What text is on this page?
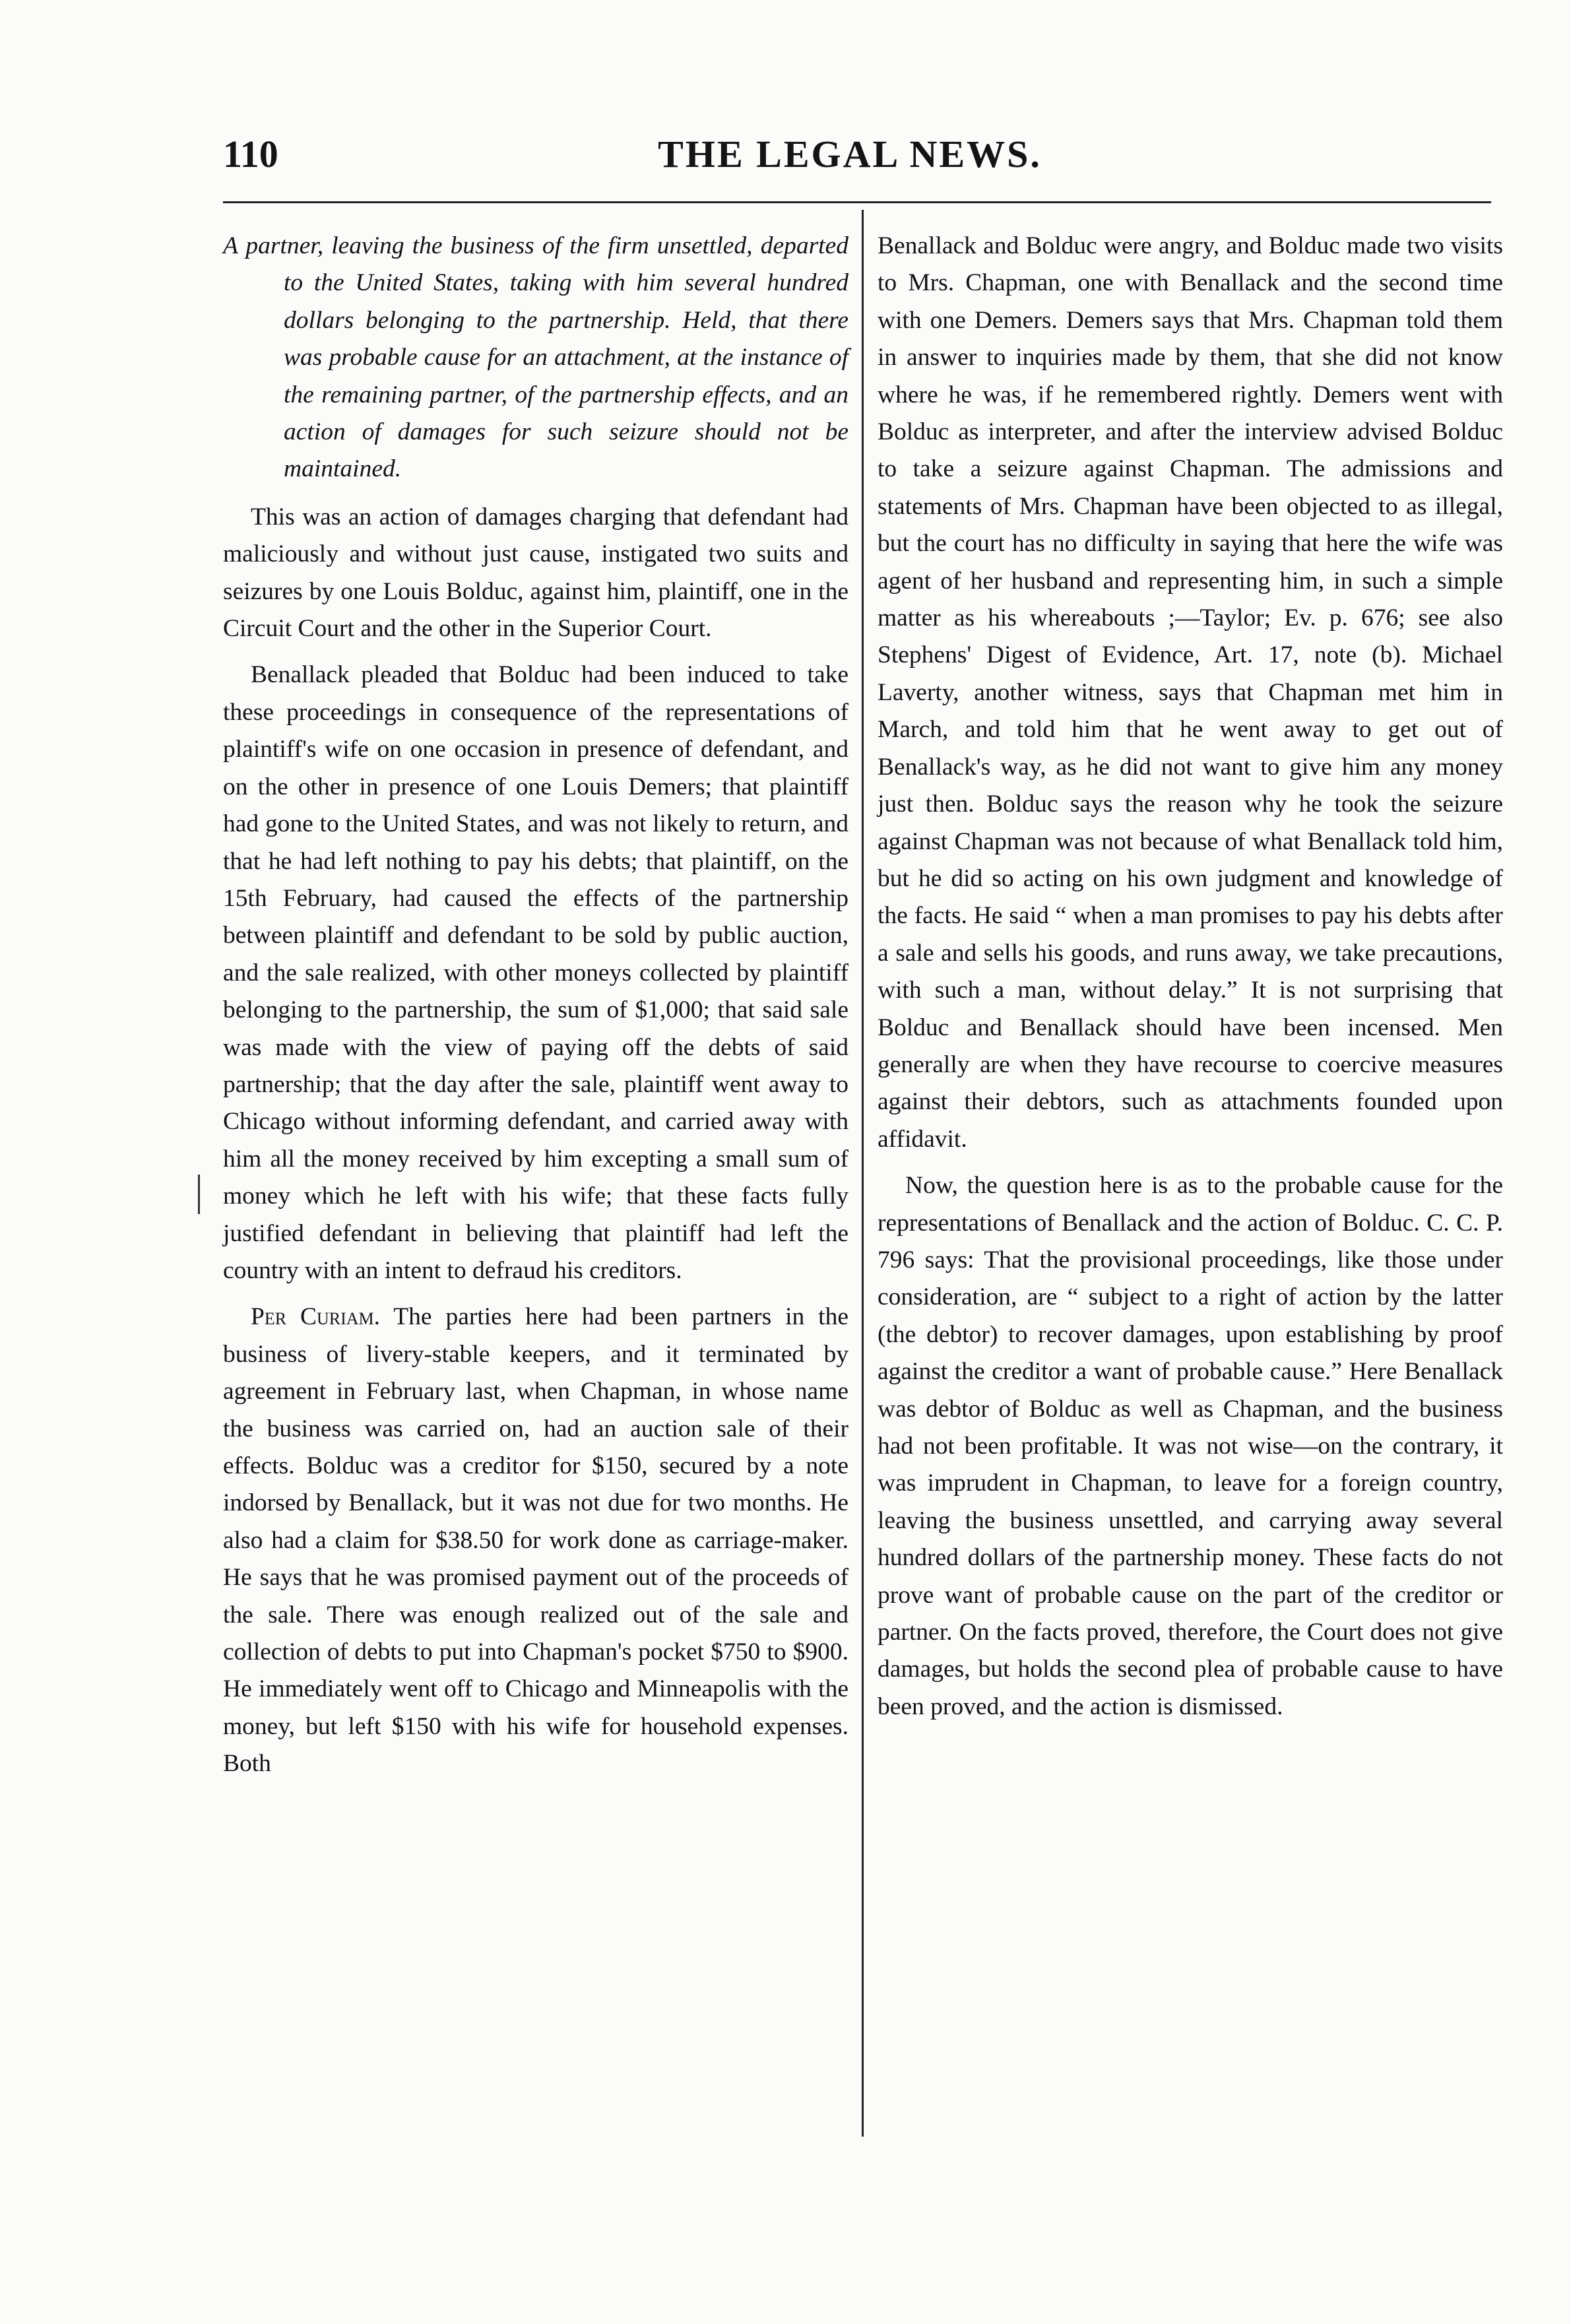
110	THE LEGAL NEWS.

A partner, leaving the business of the firm unsettled, departed to the United States, taking with him several hundred dollars belonging to the partnership. Held, that there was probable cause for an attachment, at the instance of the remaining partner, of the partnership effects, and an action of damages for such seizure should not be maintained.

This was an action of damages charging that defendant had maliciously and without just cause, instigated two suits and seizures by one Louis Bolduc, against him, plaintiff, one in the Circuit Court and the other in the Superior Court.

Benallack pleaded that Bolduc had been induced to take these proceedings in consequence of the representations of plaintiff's wife on one occasion in presence of defendant, and on the other in presence of one Louis Demers; that plaintiff had gone to the United States, and was not likely to return, and that he had left nothing to pay his debts; that plaintiff, on the 15th February, had caused the effects of the partnership between plaintiff and defendant to be sold by public auction, and the sale realized, with other moneys collected by plaintiff belonging to the partnership, the sum of $1,000; that said sale was made with the view of paying off the debts of said partnership; that the day after the sale, plaintiff went away to Chicago without informing defendant, and carried away with him all the money received by him excepting a small sum of money which he left with his wife; that these facts fully justified defendant in believing that plaintiff had left the country with an intent to defraud his creditors.

Per Curiam. The parties here had been partners in the business of livery-stable keepers, and it terminated by agreement in February last, when Chapman, in whose name the business was carried on, had an auction sale of their effects. Bolduc was a creditor for $150, secured by a note indorsed by Benallack, but it was not due for two months. He also had a claim for $38.50 for work done as carriage-maker. He says that he was promised payment out of the proceeds of the sale. There was enough realized out of the sale and collection of debts to put into Chapman's pocket $750 to $900. He immediately went off to Chicago and Minneapolis with the money, but left $150 with his wife for household expenses. Both

Benallack and Bolduc were angry, and Bolduc made two visits to Mrs. Chapman, one with Benallack and the second time with one Demers. Demers says that Mrs. Chapman told them in answer to inquiries made by them, that she did not know where he was, if he remembered rightly. Demers went with Bolduc as interpreter, and after the interview advised Bolduc to take a seizure against Chapman. The admissions and statements of Mrs. Chapman have been objected to as illegal, but the court has no difficulty in saying that here the wife was agent of her husband and representing him, in such a simple matter as his whereabouts ;—Taylor; Ev. p. 676; see also Stephens' Digest of Evidence, Art. 17, note (b). Michael Laverty, another witness, says that Chapman met him in March, and told him that he went away to get out of Benallack's way, as he did not want to give him any money just then. Bolduc says the reason why he took the seizure against Chapman was not because of what Benallack told him, but he did so acting on his own judgment and knowledge of the facts. He said “ when a man promises to pay his debts after a sale and sells his goods, and runs away, we take precautions, with such a man, without delay.” It is not surprising that Bolduc and Benallack should have been incensed. Men generally are when they have recourse to coercive measures against their debtors, such as attachments founded upon affidavit.

Now, the question here is as to the probable cause for the representations of Benallack and the action of Bolduc. C. C. P. 796 says: That the provisional proceedings, like those under consideration, are “ subject to a right of action by the latter (the debtor) to recover damages, upon establishing by proof against the creditor a want of probable cause.” Here Benallack was debtor of Bolduc as well as Chapman, and the business had not been profitable. It was not wise—on the contrary, it was imprudent in Chapman, to leave for a foreign country, leaving the business unsettled, and carrying away several hundred dollars of the partnership money. These facts do not prove want of probable cause on the part of the creditor or partner. On the facts proved, therefore, the Court does not give damages, but holds the second plea of probable cause to have been proved, and the action is dismissed.
